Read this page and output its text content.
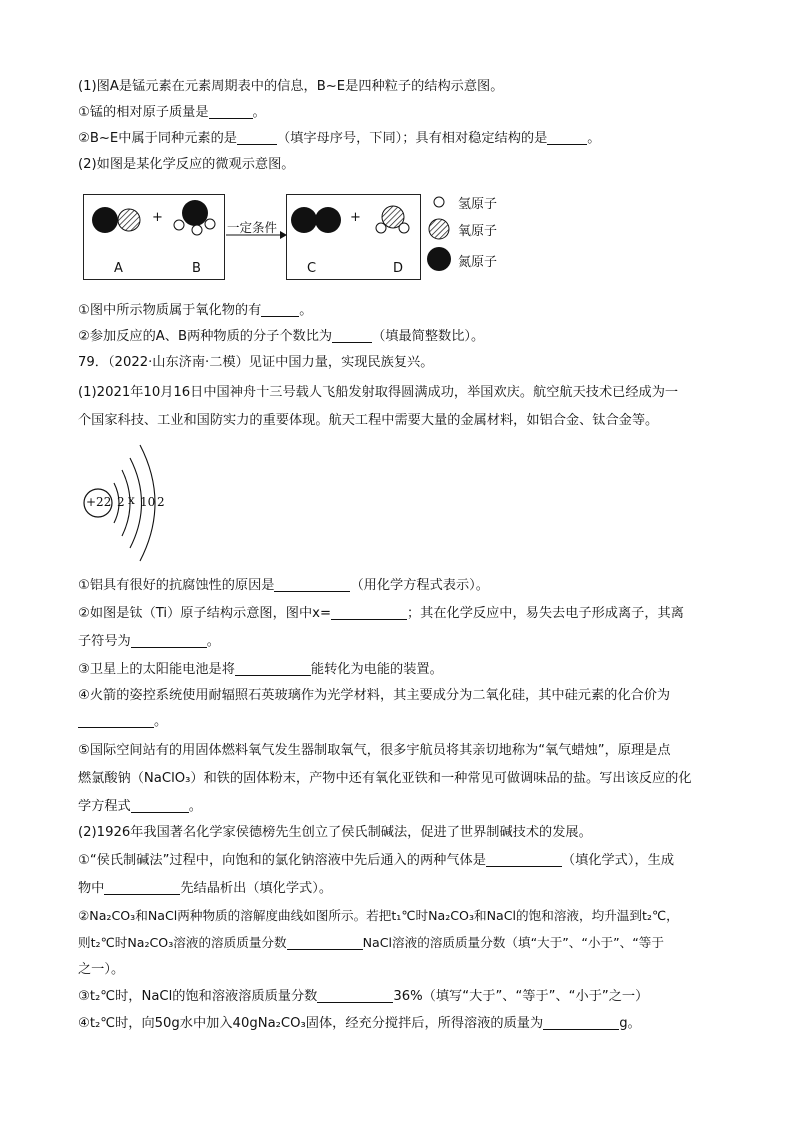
(1)图A是锰元素在元素周期表中的信息，B~E是四种粒子的结构示意图。
①锰的相对原子质量是	。
②B~E中属于同种元素的是	（填字母序号，下同）；具有相对稳定结构的是	。
(2)如图是某化学反应的微观示意图。
+	+
一定条件
A	B	C	D
氢原子
氧原子
氮原子
①图中所示物质属于氧化物的有	。
②参加反应的A、B两种物质的分子个数比为	（填最简整数比）。
79．（2022·山东济南·二模）见证中国力量，实现民族复兴。
(1)2021年10月16日中国神舟十三号载人飞船发射取得圆满成功，举国欢庆。航空航天技术已经成为一
个国家科技、工业和国防实力的重要体现。航天工程中需要大量的金属材料，如铝合金、钛合金等。
+22 2 x 10 2
①铝具有很好的抗腐蚀性的原因是	（用化学方程式表示）。
②如图是钛（Ti）原子结构示意图，图中x=	；其在化学反应中，易失去电子形成离子，其离
子符号为	。
③卫星上的太阳能电池是将	能转化为电能的装置。
④火箭的姿控系统使用耐辐照石英玻璃作为光学材料，其主要成分为二氧化硅，其中硅元素的化合价为
。
⑤国际空间站有的用固体燃料氧气发生器制取氧气，很多宇航员将其亲切地称为“氧气蜡烛”，原理是点
燃氯酸钠（NaClO₃）和铁的固体粉末，产物中还有氧化亚铁和一种常见可做调味品的盐。写出该反应的化
学方程式	。
(2)1926年我国著名化学家侯德榜先生创立了侯氏制碱法，促进了世界制碱技术的发展。
①“侯氏制碱法”过程中，向饱和的氯化钠溶液中先后通入的两种气体是	（填化学式），生成
物中	先结晶析出（填化学式）。
②Na₂CO₃和NaCl两种物质的溶解度曲线如图所示。若把t₁℃时Na₂CO₃和NaCl的饱和溶液，均升温到t₂℃，
则t₂℃时Na₂CO₃溶液的溶质质量分数	NaCl溶液的溶质质量分数（填“大于”、“小于”、“等于
之一）。
③t₂℃时，NaCl的饱和溶液溶质质量分数	36%（填写“大于”、“等于”、“小于”之一）
④t₂℃时，向50g水中加入40gNa₂CO₃固体，经充分搅拌后，所得溶液的质量为	g。
